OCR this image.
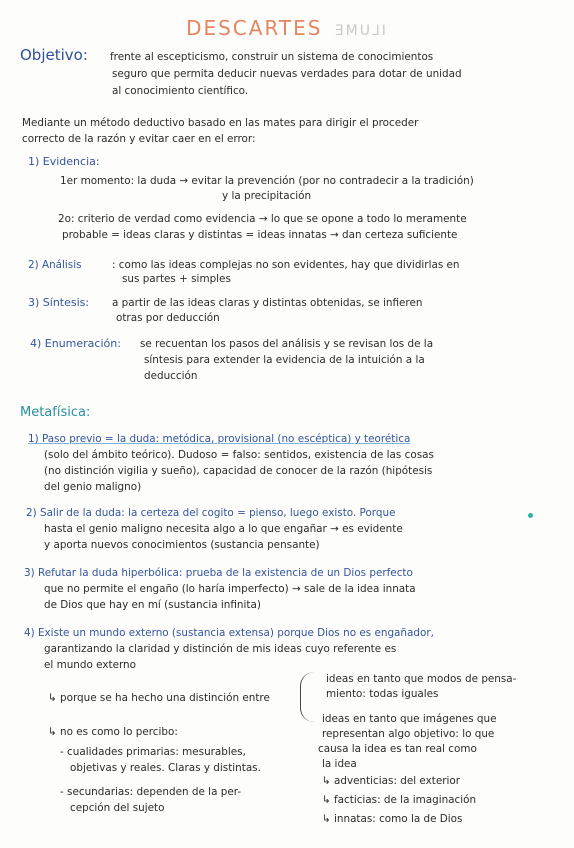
DESCARTES ƎMU⅃I
Objetivo: frente al escepticismo, construir un sistema de conocimientos
seguro que permita deducir nuevas verdades para dotar de unidad
al conocimiento científico.
Mediante un método deductivo basado en las mates para dirigir el proceder
correcto de la razón y evitar caer en el error:
1) Evidencia:
1er momento: la duda → evitar la prevención (por no contradecir a la tradición)
y la precipitación
2o: criterio de verdad como evidencia → lo que se opone a todo lo meramente
probable = ideas claras y distintas = ideas innatas → dan certeza suficiente
2) Análisis	: como las ideas complejas no son evidentes, hay que dividirlas en
sus partes + simples
3) Síntesis: a partir de las ideas claras y distintas obtenidas, se infieren
otras por deducción
4) Enumeración: se recuentan los pasos del análisis y se revisan los de la
síntesis para extender la evidencia de la intuición a la
deducción
Metafísica:
1) Paso previo = la duda: metódica, provisional (no escéptica) y teorética
(solo del ámbito teórico). Dudoso = falso: sentidos, existencia de las cosas
(no distinción vigilia y sueño), capacidad de conocer de la razón (hipótesis
del genio maligno)
2) Salir de la duda: la certeza del cogito = pienso, luego existo. Porque
hasta el genio maligno necesita algo a lo que engañar → es evidente
y aporta nuevos conocimientos (sustancia pensante)
3) Refutar la duda hiperbólica: prueba de la existencia de un Dios perfecto
que no permite el engaño (lo haría imperfecto) → sale de la idea innata
de Dios que hay en mí (sustancia infinita)
4) Existe un mundo externo (sustancia extensa) porque Dios no es engañador,
garantizando la claridad y distinción de mis ideas cuyo referente es
el mundo externo
↳ porque se ha hecho una distinción entre
ideas en tanto que modos de pensa-
miento: todas iguales
ideas en tanto que imágenes que
representan algo objetivo: lo que
causa la idea es tan real como
la idea
↳ adventicias: del exterior
↳ facticias: de la imaginación
↳ innatas: como la de Dios
↳ no es como lo percibo:
- cualidades primarias: mesurables,
objetivas y reales. Claras y distintas.
- secundarias: dependen de la per-
cepción del sujeto
